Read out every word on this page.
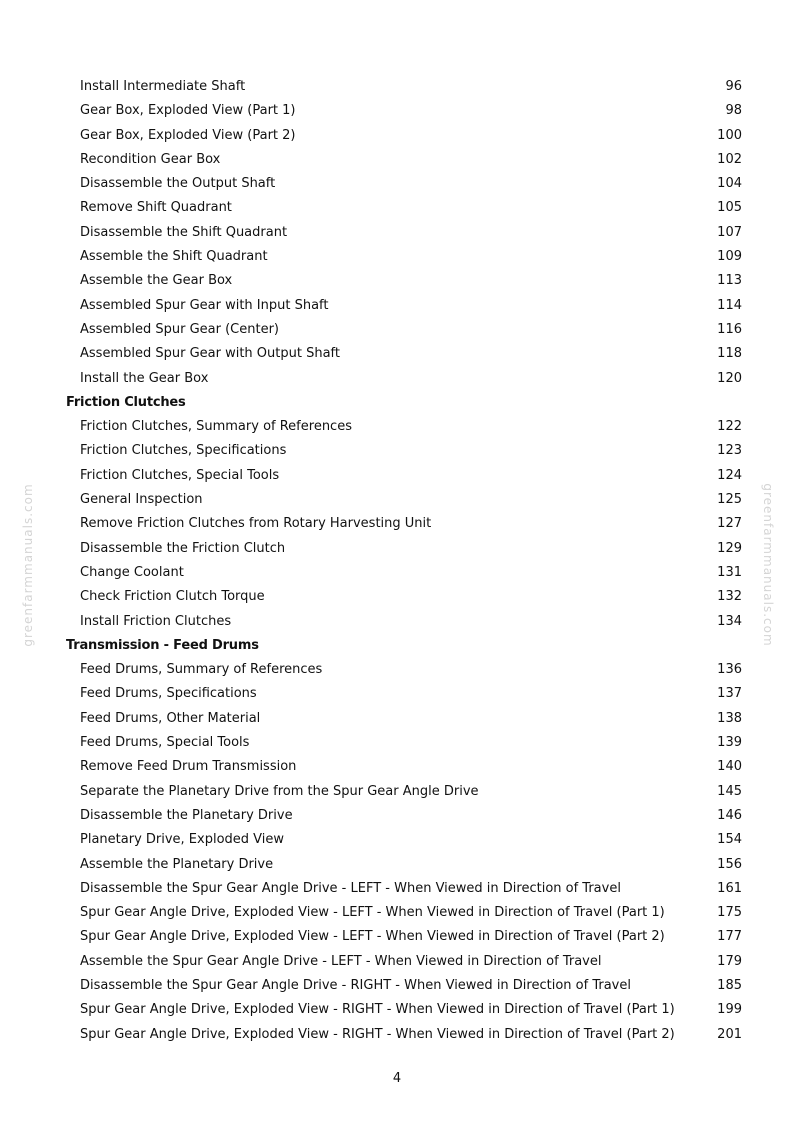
greenfarmmanuals.com	greenfarmmanuals.com
Install Intermediate Shaft	96
Gear Box, Exploded View (Part 1)	98
Gear Box, Exploded View (Part 2)	100
Recondition Gear Box	102
Disassemble the Output Shaft	104
Remove Shift Quadrant	105
Disassemble the Shift Quadrant	107
Assemble the Shift Quadrant	109
Assemble the Gear Box	113
Assembled Spur Gear with Input Shaft	114
Assembled Spur Gear (Center)	116
Assembled Spur Gear with Output Shaft	118
Install the Gear Box	120
Friction Clutches
Friction Clutches, Summary of References	122
Friction Clutches, Specifications	123
Friction Clutches, Special Tools	124
General Inspection	125
Remove Friction Clutches from Rotary Harvesting Unit	127
Disassemble the Friction Clutch	129
Change Coolant	131
Check Friction Clutch Torque	132
Install Friction Clutches	134
Transmission - Feed Drums
Feed Drums, Summary of References	136
Feed Drums, Specifications	137
Feed Drums, Other Material	138
Feed Drums, Special Tools	139
Remove Feed Drum Transmission	140
Separate the Planetary Drive from the Spur Gear Angle Drive	145
Disassemble the Planetary Drive	146
Planetary Drive, Exploded View	154
Assemble the Planetary Drive	156
Disassemble the Spur Gear Angle Drive - LEFT - When Viewed in Direction of Travel	161
Spur Gear Angle Drive, Exploded View - LEFT - When Viewed in Direction of Travel (Part 1)	175
Spur Gear Angle Drive, Exploded View - LEFT - When Viewed in Direction of Travel (Part 2)	177
Assemble the Spur Gear Angle Drive - LEFT - When Viewed in Direction of Travel	179
Disassemble the Spur Gear Angle Drive - RIGHT - When Viewed in Direction of Travel	185
Spur Gear Angle Drive, Exploded View - RIGHT - When Viewed in Direction of Travel (Part 1)	199
Spur Gear Angle Drive, Exploded View - RIGHT - When Viewed in Direction of Travel (Part 2)	201
4
